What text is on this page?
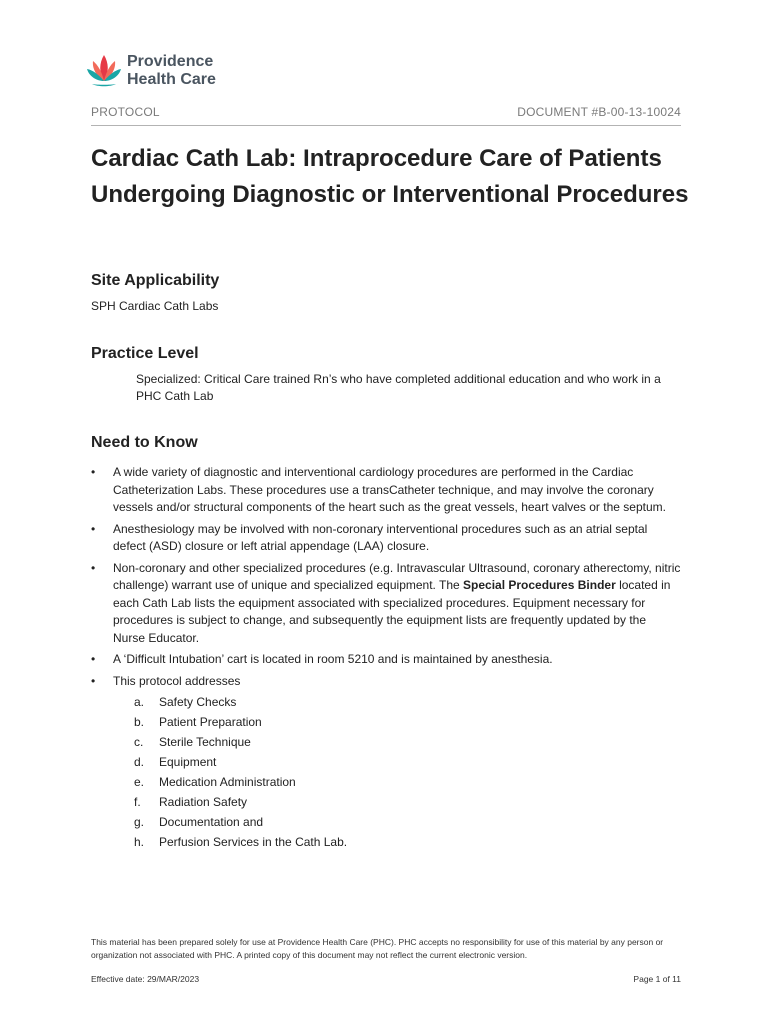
Providence
Health Care
PROTOCOL	DOCUMENT #B-00-13-10024
Cardiac Cath Lab: Intraprocedure Care of Patients Undergoing Diagnostic or Interventional Procedures
Site Applicability

SPH Cardiac Cath Labs

Practice Level

Specialized: Critical Care trained Rn’s who have completed additional education and who work in a PHC Cath Lab

Need to Know
• A wide variety of diagnostic and interventional cardiology procedures are performed in the Cardiac Catheterization Labs. These procedures use a transCatheter technique, and may involve the coronary vessels and/or structural components of the heart such as the great vessels, heart valves or the septum.
• Anesthesiology may be involved with non-coronary interventional procedures such as an atrial septal defect (ASD) closure or left atrial appendage (LAA) closure.
• Non-coronary and other specialized procedures (e.g. Intravascular Ultrasound, coronary atherectomy, nitric challenge) warrant use of unique and specialized equipment. The Special Procedures Binder located in each Cath Lab lists the equipment associated with specialized procedures. Equipment necessary for procedures is subject to change, and subsequently the equipment lists are frequently updated by the Nurse Educator.
• A ‘Difficult Intubation’ cart is located in room 5210 and is maintained by anesthesia.
• This protocol addresses
a. Safety Checks
b. Patient Preparation
c. Sterile Technique
d. Equipment
e. Medication Administration
f. Radiation Safety
g. Documentation and
h. Perfusion Services in the Cath Lab.

This material has been prepared solely for use at Providence Health Care (PHC). PHC accepts no responsibility for use of this material by any person or organization not associated with PHC. A printed copy of this document may not reflect the current electronic version.

Effective date: 29/MAR/2023	Page 1 of 11
